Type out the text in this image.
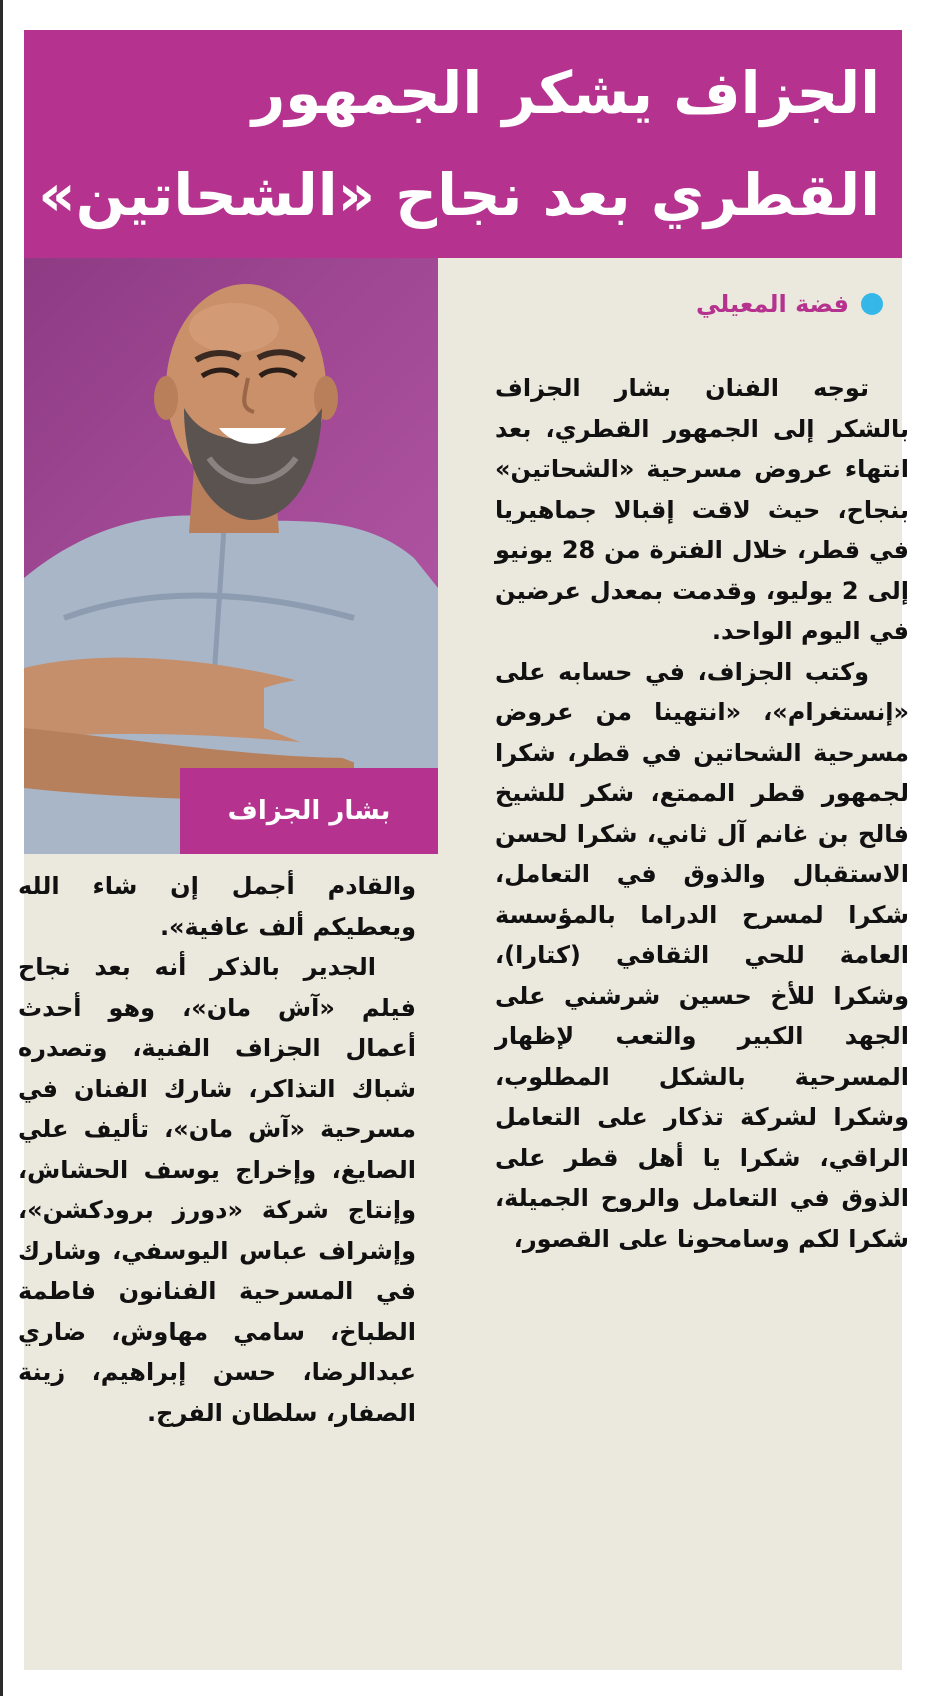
الجزاف يشكر الجمهور
القطري بعد نجاح «الشحاتين»
بشار الجزاف
فضة المعيلي

توجه الفنان بشار الجزاف بالشكر إلى الجمهور القطري، بعد انتهاء عروض مسرحية «الشحاتين» بنجاح، حيث لاقت إقبالا جماهيريا في قطر، خلال الفترة من 28 يونيو إلى 2 يوليو، وقدمت بمعدل عرضين في اليوم الواحد.

وكتب الجزاف، في حسابه على «إنستغرام»، «انتهينا من عروض مسرحية الشحاتين في قطر، شكرا لجمهور قطر الممتع، شكر للشيخ فالح بن غانم آل ثاني، شكرا لحسن الاستقبال والذوق في التعامل، شكرا لمسرح الدراما بالمؤسسة العامة للحي الثقافي (كتارا)، وشكرا للأخ حسين شرشني على الجهد الكبير والتعب لإظهار المسرحية بالشكل المطلوب، وشكرا لشركة تذكار على التعامل الراقي، شكرا يا أهل قطر على الذوق في التعامل والروح الجميلة، شكرا لكم وسامحونا على القصور،

والقادم أجمل إن شاء الله ويعطيكم ألف عافية».

الجدير بالذكر أنه بعد نجاح فيلم «آش مان»، وهو أحدث أعمال الجزاف الفنية، وتصدره شباك التذاكر، شارك الفنان في مسرحية «آش مان»، تأليف علي الصايغ، وإخراج يوسف الحشاش، وإنتاج شركة «دورز برودكشن»، وإشراف عباس اليوسفي، وشارك في المسرحية الفنانون فاطمة الطباخ، سامي مهاوش، ضاري عبدالرضا، حسن إبراهيم، زينة الصفار، سلطان الفرج.
